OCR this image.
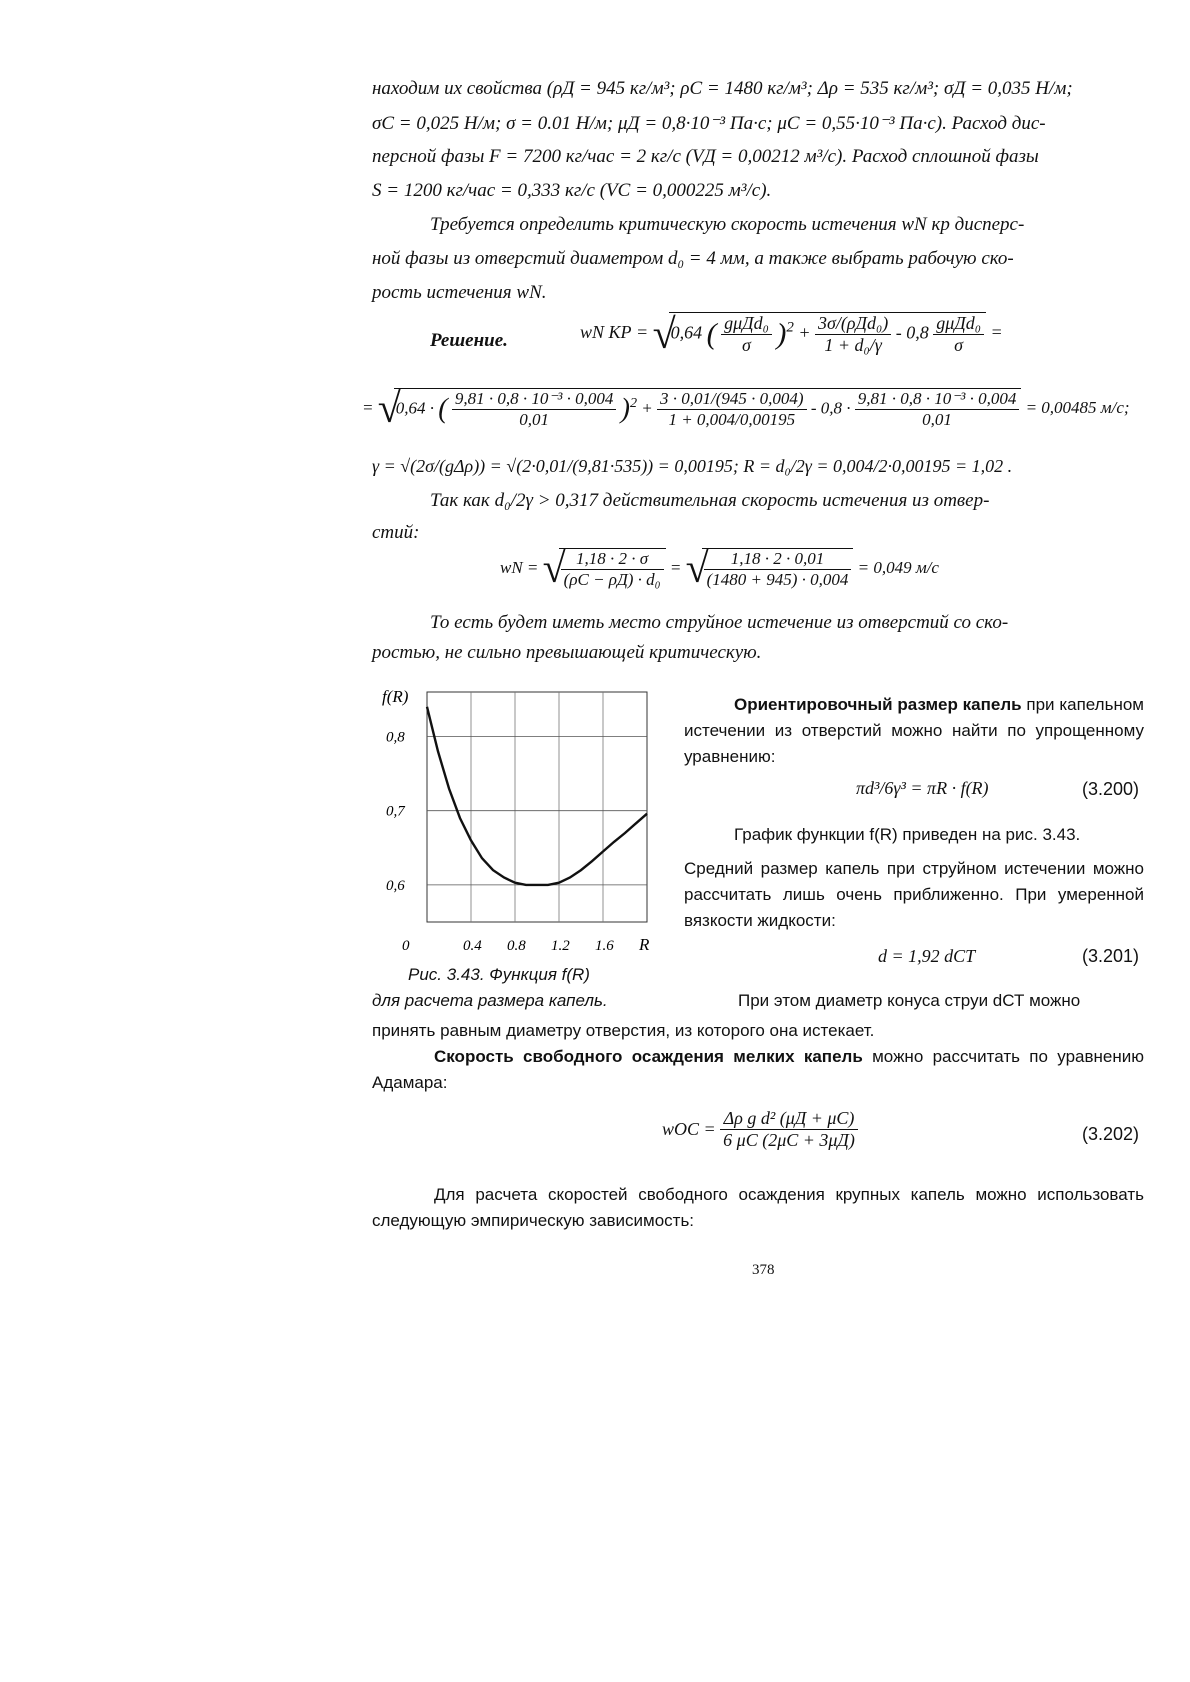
находим их свойства (ρД = 945 кг/м³; ρС = 1480 кг/м³; Δρ = 535 кг/м³; σД = 0,035 Н/м;
σС = 0,025 Н/м; σ = 0.01 Н/м; μД = 0,8·10⁻³ Па·с; μС = 0,55·10⁻³ Па·с). Расход дис-
персной фазы F = 7200 кг/час = 2 кг/с (VД = 0,00212 м³/с). Расход сплошной фазы
S = 1200 кг/час = 0,333 кг/с (VС = 0,000225 м³/с).
Требуется определить критическую скорость истечения wN кр дисперс-
ной фазы из отверстий диаметром d₀ = 4 мм, а также выбрать рабочую ско-
рость истечения wN.
Решение.	wN КР = √
0,64 ( $\frac{\text{gμДd₀}}{\sigma} )^2 + \frac{\text{3σ/(ρДd₀)}}{\text{1 + d₀/γ}} - 0,8 \frac{\text{gμДd₀}}{\sigma}$ =
= √
0,64 · ( $\frac{\text{9,81 · 0,8 · 10⁻³ · 0,004}}{0,01} )^2 + \frac{3 \cdot 0,01/(945 \cdot 0,004)}{1 + 0,004/0,00195} - 0,8 \cdot \frac{\text{9,81 · 0,8 · 10⁻³ · 0,004}}{0,01} = 0,00485$ м/с;
γ = √(2σ/(gΔρ)) = √(2·0,01/(9,81·535)) = 0,00195; R = d₀/2γ = 0,004/2·0,00195 = 1,02 .
Так как d₀/2γ > 0,317 действительная скорость истечения из отвер-
стий:
wN = √
$\frac{1,18 \cdot 2 \cdot \sigma}{\text{(ρС − ρД) · d₀}}$ = √
$\frac{1,18 \cdot 2 \cdot 0,01}{(1480 + 945) \cdot 0,004} = 0,049$ м/с
То есть будет иметь место струйное истечение из отверстий со ско-
ростью, не сильно превышающей критическую.
f(R)
0,8
0,7
0,6
0	0.4 0.8 1.2 1.6 R
Рис. 3.43. Функция f(R)
для расчета размера капель.
Ориентировочный размер капель при капельном истечении из отверстий можно найти по упрощенному уравнению:
πd³/6γ³ = πR · f(R)	(3.200)
График функции f(R) приведен на рис. 3.43.
Средний размер капель при струйном истечении можно рассчитать лишь очень приближенно. При умеренной вязкости жидкости:
d = 1,92 dСТ	(3.201)
При этом диаметр конуса струи dСТ можно
принять равным диаметру отверстия, из которого она истекает.
Скорость свободного осаждения мелких капель можно рассчитать по уравнению Адамара:
wОС = $\frac{\text{Δρ g d² (μД + μС)}}{6 \mu С (2\mu С + 3\mu Д)}$	(3.202)
Для расчета скоростей свободного осаждения крупных капель можно использовать следующую эмпирическую зависимость:
378
